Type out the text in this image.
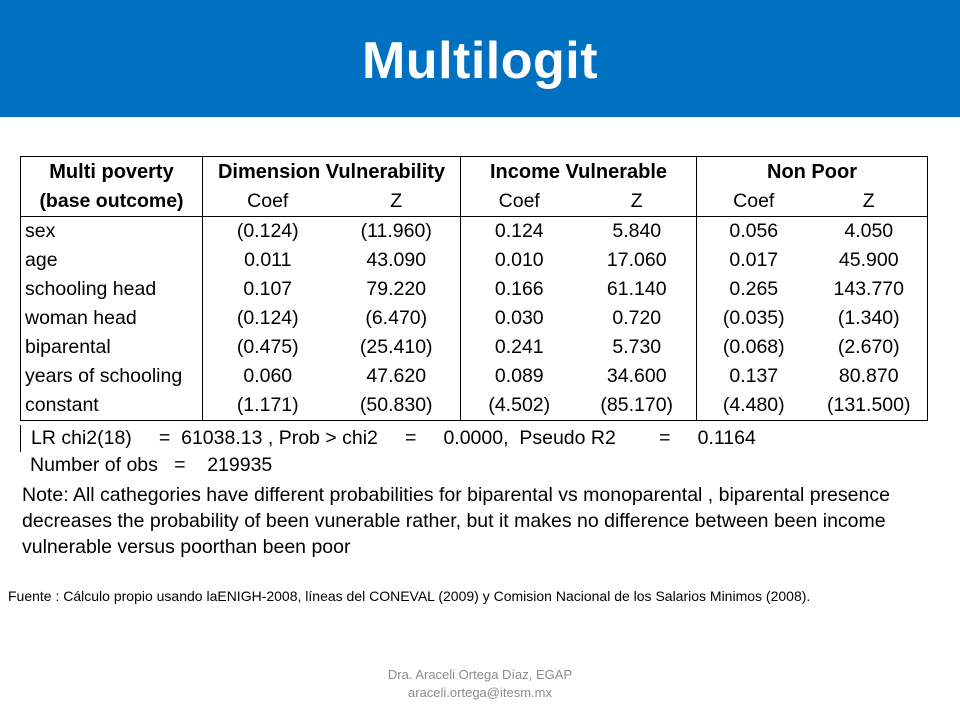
Multilogit
Multi poverty	Dimension Vulnerability		Income Vulnerable		Non Poor	
(base outcome)	Coef	Z	Coef	Z	Coef	Z
sex	(0.124)	(11.960)	0.124	5.840	0.056	4.050
age	0.011	43.090	0.010	17.060	0.017	45.900
schooling head	0.107	79.220	0.166	61.140	0.265	143.770
woman head	(0.124)	(6.470)	0.030	0.720	(0.035)	(1.340)
biparental	(0.475)	(25.410)	0.241	5.730	(0.068)	(2.670)
years of schooling	0.060	47.620	0.089	34.600	0.137	80.870
constant	(1.171)	(50.830)	(4.502)	(85.170)	(4.480)	(131.500)
LR chi2(18)     =  61038.13 , Prob > chi2     =     0.0000,  Pseudo R2        =     0.1164
Number of obs   =    219935
Note: All cathegories have different probabilities for biparental vs monoparental , biparental presence decreases the probability of been vunerable rather, but it makes no difference between been income vulnerable versus poorthan been poor
Fuente : Cálculo propio usando laENIGH-2008, líneas del CONEVAL (2009) y Comision Nacional de los Salarios Minimos (2008).
Dra. Araceli Ortega Díaz, EGAP
araceli.ortega@itesm.mx
